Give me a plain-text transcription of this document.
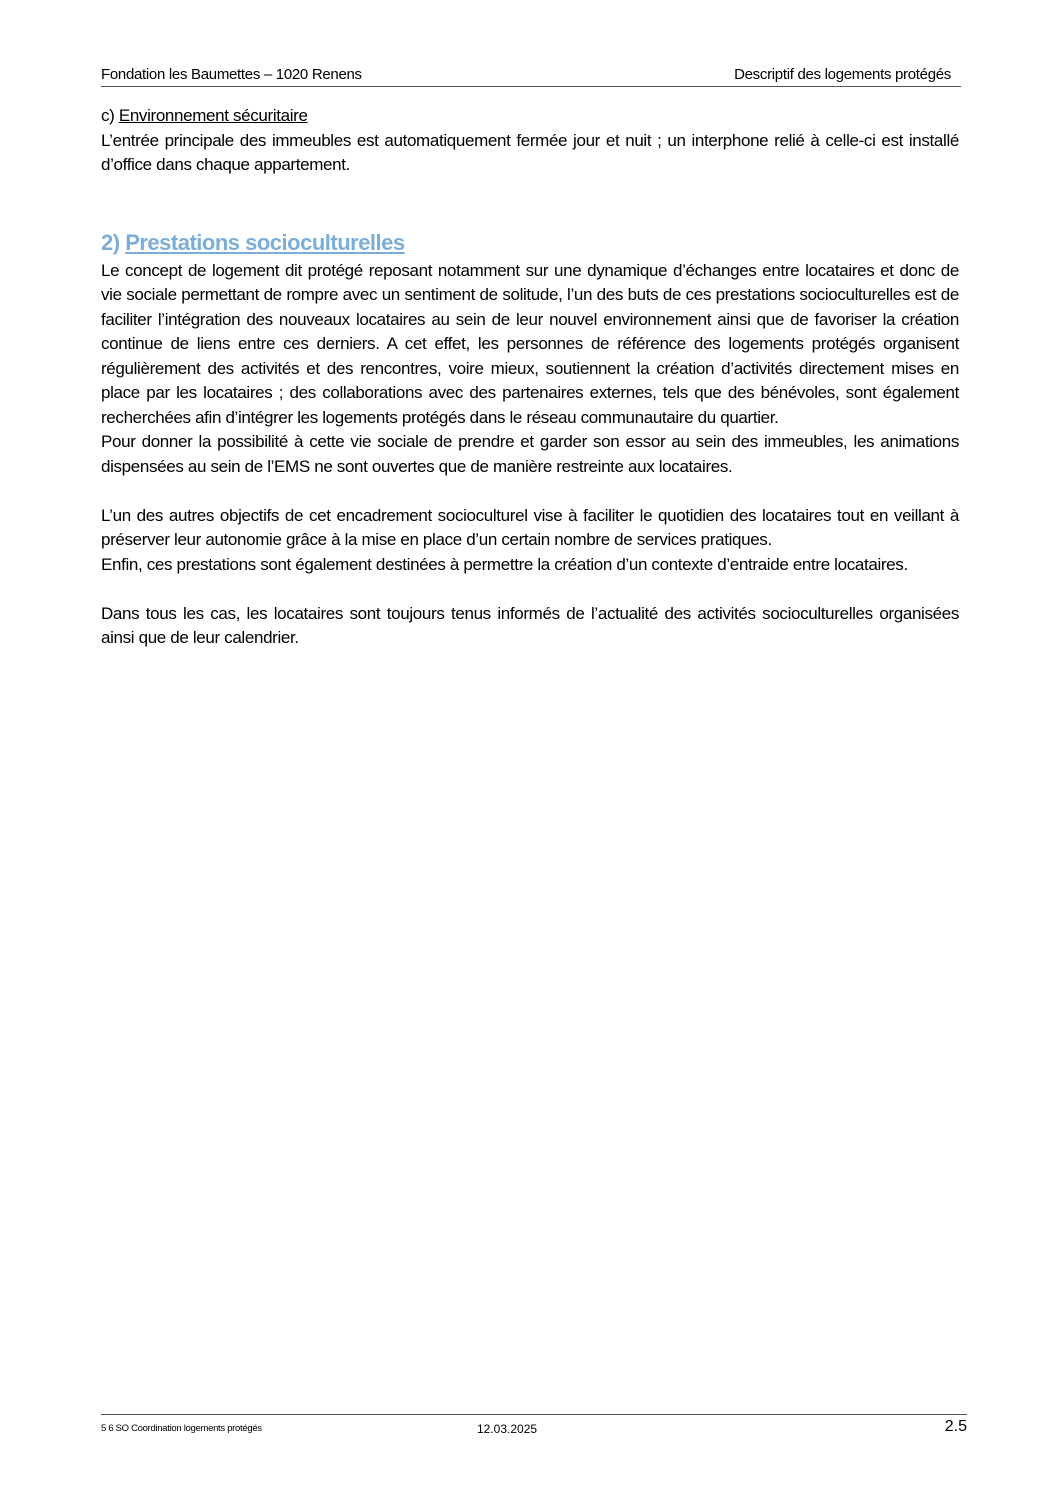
Fondation les Baumettes – 1020 Renens	Descriptif des logements protégés

c) Environnement sécuritaire

L’entrée principale des immeubles est automatiquement fermée jour et nuit ; un interphone relié à celle-ci est installé d’office dans chaque appartement.

2) Prestations socioculturelles

Le concept de logement dit protégé reposant notamment sur une dynamique d’échanges entre locataires et donc de vie sociale permettant de rompre avec un sentiment de solitude, l’un des buts de ces prestations socioculturelles est de faciliter l’intégration des nouveaux locataires au sein de leur nouvel environnement ainsi que de favoriser la création continue de liens entre ces derniers. A cet effet, les personnes de référence des logements protégés organisent régulièrement des activités et des rencontres, voire mieux, soutiennent la création d’activités directement mises en place par les locataires ; des collaborations avec des partenaires externes, tels que des bénévoles, sont également recherchées afin d’intégrer les logements protégés dans le réseau communautaire du quartier.

Pour donner la possibilité à cette vie sociale de prendre et garder son essor au sein des immeubles, les animations dispensées au sein de l’EMS ne sont ouvertes que de manière restreinte aux locataires.

L’un des autres objectifs de cet encadrement socioculturel vise à faciliter le quotidien des locataires tout en veillant à préserver leur autonomie grâce à la mise en place d’un certain nombre de services pratiques.

Enfin, ces prestations sont également destinées à permettre la création d’un contexte d’entraide entre locataires.

Dans tous les cas, les locataires sont toujours tenus informés de l’actualité des activités socioculturelles organisées ainsi que de leur calendrier.

5 6 SO Coordination logements protégés	12.03.2025	2.5
